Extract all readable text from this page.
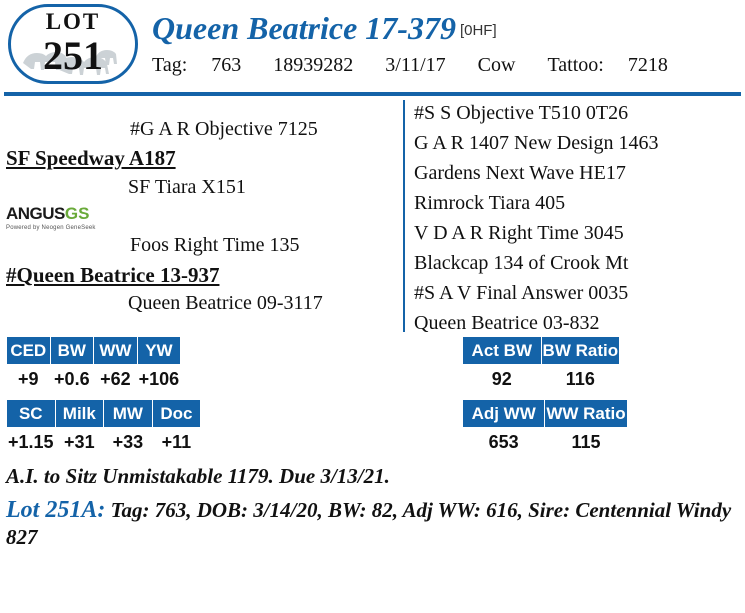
LOT
251
Queen Beatrice 17-379 [0HF]
Tag: 763 18939282 3/11/17 Cow Tattoo: 7218
#G A R Objective 7125
SF Speedway A187
SF Tiara X151
Foos Right Time 135
#Queen Beatrice 13-937
Queen Beatrice 09-3117
ANGUSGS
Powered by Neogen GeneSeek
#S S Objective T510 0T26
G A R 1407 New Design 1463
Gardens Next Wave HE17
Rimrock Tiara 405
V D A R Right Time 3045
Blackcap 134 of Crook Mt
#S A V Final Answer 0035
Queen Beatrice 03-832
CED	BW	WW	YW
+9	+0.6	+62	+106
SC	Milk	MW	Doc
+1.15	+31	+33	+11
Act BW	BW Ratio
92	116
Adj WW	WW Ratio
653	115
A.I. to Sitz Unmistakable 1179. Due 3/13/21.
Lot 251A: Tag: 763, DOB: 3/14/20, BW: 82, Adj WW: 616, Sire: Centennial Windy 827
